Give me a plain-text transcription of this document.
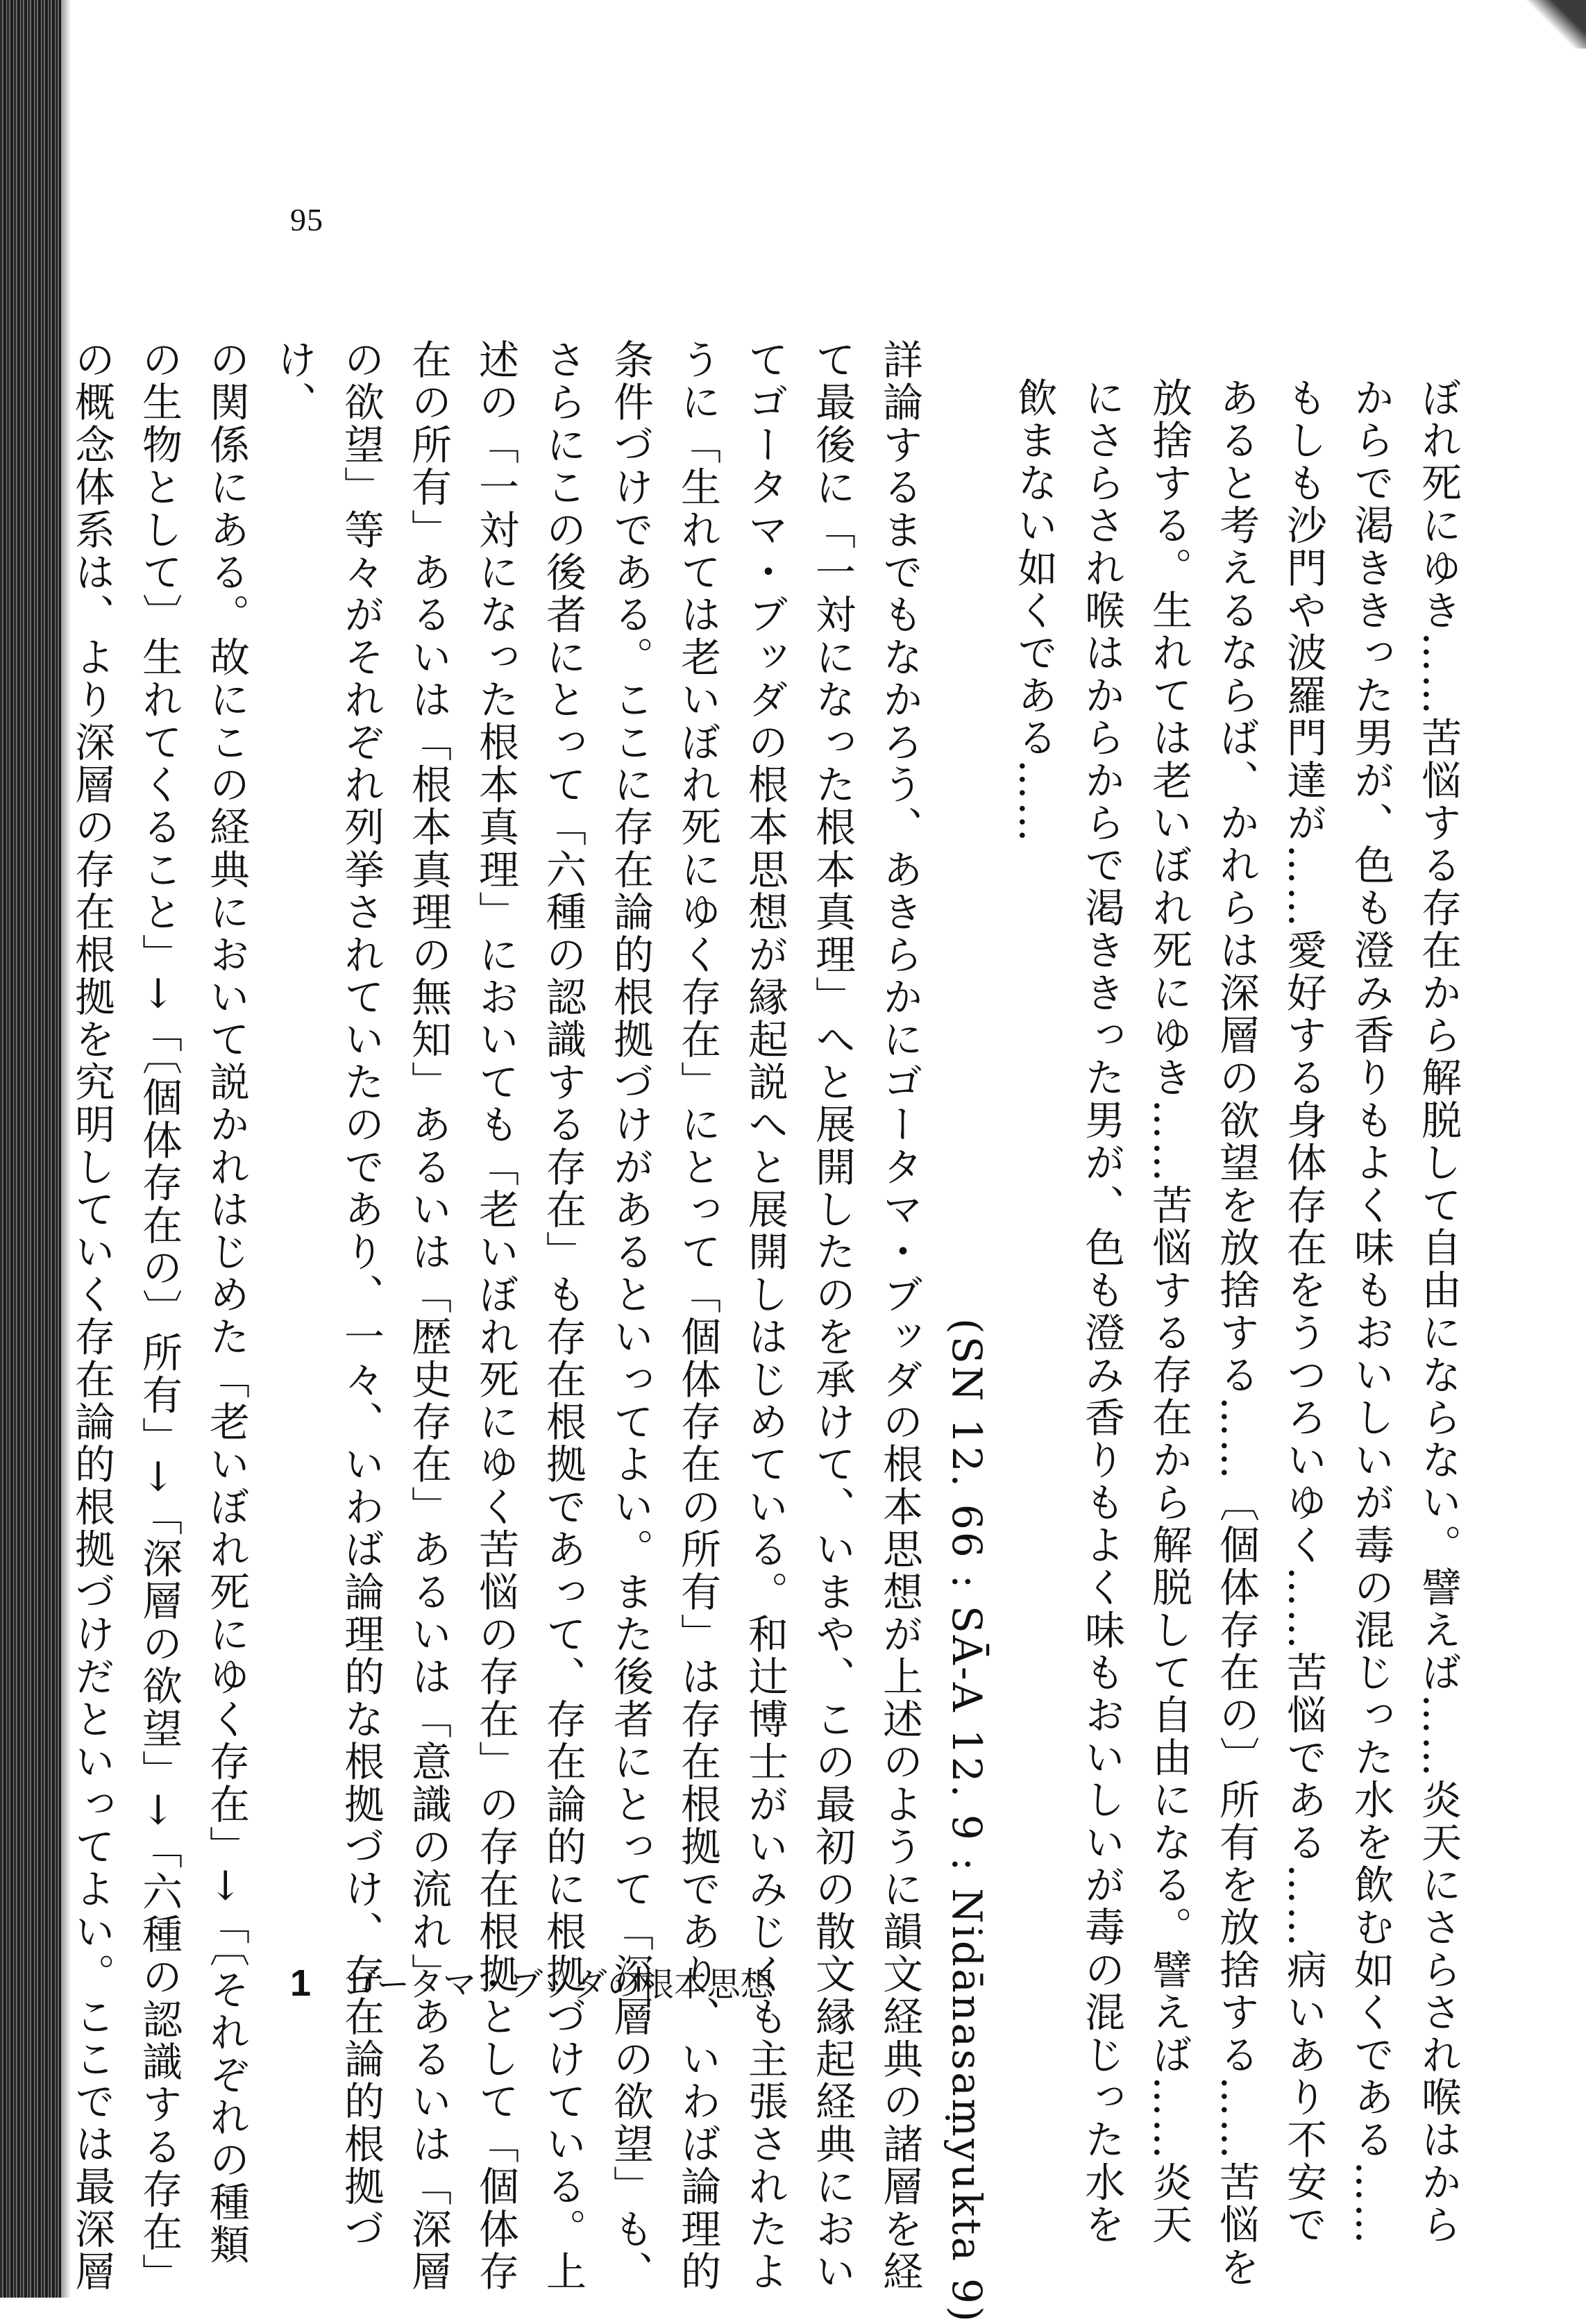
95

ぼれ死にゆき……苦悩する存在から解脱して自由にならない。譬えば……炎天にさらされ喉はから
からで渇ききった男が、色も澄み香りもよく味もおいしいが毒の混じった水を飲む如くである……
もしも沙門や波羅門達が……愛好する身体存在をうつろいゆく……苦悩である……病いあり不安で
あると考えるならば、かれらは深層の欲望を放捨する……〔個体存在の〕所有を放捨する……苦悩を
放捨する。生れては老いぼれ死にゆき……苦悩する存在から解脱して自由になる。譬えば……炎天
にさらされ喉はからからで渇ききった男が、色も澄み香りもよく味もおいしいが毒の混じった水を
飲まない如くである……
(SN 12. 66 : SĀ-A 12. 9 : Nidānasaṃyukta 9)

詳論するまでもなかろう、あきらかにゴータマ・ブッダの根本思想が上述のように韻文経典の諸層を経
て最後に「一対になった根本真理」へと展開したのを承けて、いまや、この最初の散文縁起経典におい
てゴータマ・ブッダの根本思想が縁起説へと展開しはじめている。和辻博士がいみじくも主張されたよ
うに「生れては老いぼれ死にゆく存在」にとって「個体存在の所有」は存在根拠であり、いわば論理的
条件づけである。ここに存在論的根拠づけがあるといってよい。また後者にとって「深層の欲望」も、
さらにこの後者にとって「六種の認識する存在」も存在根拠であって、存在論的に根拠づけている。上
述の「一対になった根本真理」においても「老いぼれ死にゆく苦悩の存在」の存在根拠として「個体存
在の所有」あるいは「根本真理の無知」あるいは「歴史存在」あるいは「意識の流れ」あるいは「深層
の欲望」等々がそれぞれ列挙されていたのであり、一々、いわば論理的な根拠づけ、存在論的根拠づけ、
の関係にある。故にこの経典において説かれはじめた「老いぼれ死にゆく存在」→「〔それぞれの種類
の生物として〕生れてくること」→「〔個体存在の〕所有」→「深層の欲望」→「六種の認識する存在」
の概念体系は、より深層の存在根拠を究明していく存在論的根拠づけだといってよい。ここでは最深層	1 ゴータマ・ブッダの根本思想
